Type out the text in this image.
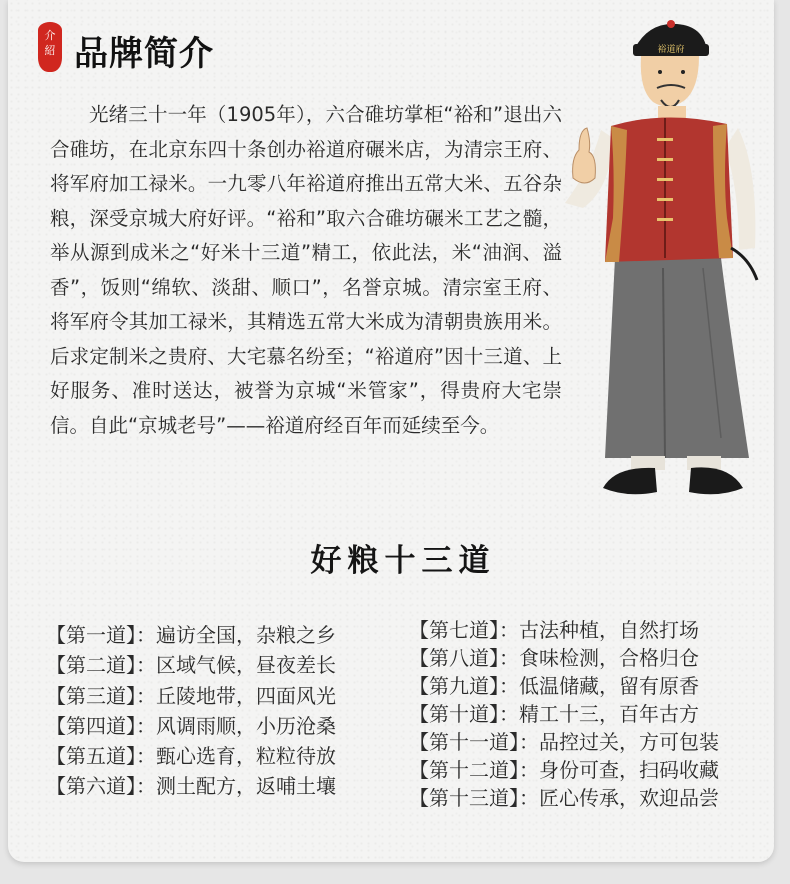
介
紹 品牌简介

光绪三十一年（1905年），六合碓坊掌柜“裕和”退出六合碓坊，在北京东四十条创办裕道府碾米店，为清宗王府、将军府加工禄米。一九零八年裕道府推出五常大米、五谷杂粮，深受京城大府好评。“裕和”取六合碓坊碾米工艺之髓，举从源到成米之“好米十三道”精工，依此法，米“油润、溢香”，饭则“绵软、淡甜、顺口”，名誉京城。清宗室王府、将军府令其加工禄米，其精选五常大米成为清朝贵族用米。后求定制米之贵府、大宅慕名纷至；“裕道府”因十三道、上好服务、准时送达，被誉为京城“米管家”，得贵府大宅崇信。自此“京城老号”——裕道府经百年而延续至今。

裕道府
好粮十三道
【第一道】：遍访全国，杂粮之乡
【第二道】：区域气候，昼夜差长
【第三道】：丘陵地带，四面风光
【第四道】：风调雨顺，小历沧桑
【第五道】：甄心选育，粒粒待放
【第六道】：测土配方，返哺土壤
【第七道】：古法种植，自然打场
【第八道】：食味检测，合格归仓
【第九道】：低温储藏，留有原香
【第十道】：精工十三，百年古方
【第十一道】：品控过关，方可包装
【第十二道】：身份可查，扫码收藏
【第十三道】：匠心传承，欢迎品尝
